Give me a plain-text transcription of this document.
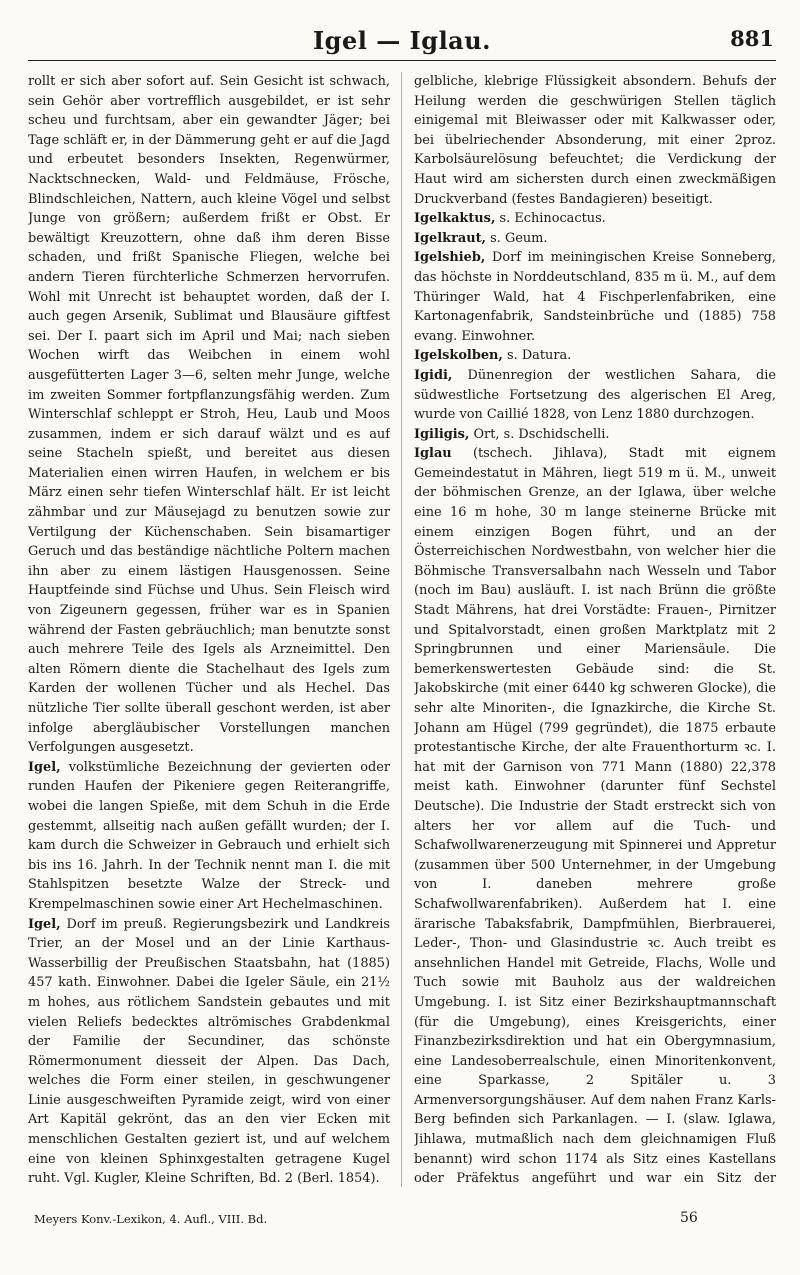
Igel — Iglau.	881

rollt er sich aber sofort auf. Sein Gesicht ist schwach, sein Gehör aber vortrefflich ausgebildet, er ist sehr scheu und furchtsam, aber ein gewandter Jäger; bei Tage schläft er, in der Dämmerung geht er auf die Jagd und erbeutet besonders Insekten, Regenwürmer, Nacktschnecken, Wald- und Feldmäuse, Frösche, Blindschleichen, Nattern, auch kleine Vögel und selbst Junge von größern; außerdem frißt er Obst. Er bewältigt Kreuzottern, ohne daß ihm deren Bisse schaden, und frißt Spanische Fliegen, welche bei andern Tieren fürchterliche Schmerzen hervorrufen. Wohl mit Unrecht ist behauptet worden, daß der I. auch gegen Arsenik, Sublimat und Blausäure giftfest sei. Der I. paart sich im April und Mai; nach sieben Wochen wirft das Weibchen in einem wohl ausgefütterten Lager 3—6, selten mehr Junge, welche im zweiten Sommer fortpflanzungsfähig werden. Zum Winterschlaf schleppt er Stroh, Heu, Laub und Moos zusammen, indem er sich darauf wälzt und es auf seine Stacheln spießt, und bereitet aus diesen Materialien einen wirren Haufen, in welchem er bis März einen sehr tiefen Winterschlaf hält. Er ist leicht zähmbar und zur Mäusejagd zu benutzen sowie zur Vertilgung der Küchenschaben. Sein bisamartiger Geruch und das beständige nächtliche Poltern machen ihn aber zu einem lästigen Hausgenossen. Seine Hauptfeinde sind Füchse und Uhus. Sein Fleisch wird von Zigeunern gegessen, früher war es in Spanien während der Fasten gebräuchlich; man benutzte sonst auch mehrere Teile des Igels als Arzneimittel. Den alten Römern diente die Stachelhaut des Igels zum Karden der wollenen Tücher und als Hechel. Das nützliche Tier sollte überall geschont werden, ist aber infolge abergläubischer Vorstellungen manchen Verfolgungen ausgesetzt.

Igel, volkstümliche Bezeichnung der gevierten oder runden Haufen der Pikeniere gegen Reiterangriffe, wobei die langen Spieße, mit dem Schuh in die Erde gestemmt, allseitig nach außen gefällt wurden; der I. kam durch die Schweizer in Gebrauch und erhielt sich bis ins 16. Jahrh. In der Technik nennt man I. die mit Stahlspitzen besetzte Walze der Streck- und Krempelmaschinen sowie einer Art Hechelmaschinen.

Igel, Dorf im preuß. Regierungsbezirk und Landkreis Trier, an der Mosel und an der Linie Karthaus-Wasserbillig der Preußischen Staatsbahn, hat (1885) 457 kath. Einwohner. Dabei die Igeler Säule, ein 21½ m hohes, aus rötlichem Sandstein gebautes und mit vielen Reliefs bedecktes altrömisches Grabdenkmal der Familie der Secundiner, das schönste Römermonument diesseit der Alpen. Das Dach, welches die Form einer steilen, in geschwungener Linie ausgeschweiften Pyramide zeigt, wird von einer Art Kapitäl gekrönt, das an den vier Ecken mit menschlichen Gestalten geziert ist, und auf welchem eine von kleinen Sphinxgestalten getragene Kugel ruht. Vgl. Kugler, Kleine Schriften, Bd. 2 (Berl. 1854).

gelbliche, klebrige Flüssigkeit absondern. Behufs der Heilung werden die geschwürigen Stellen täglich einigemal mit Bleiwasser oder mit Kalkwasser oder, bei übelriechender Absonderung, mit einer 2proz. Karbolsäurelösung befeuchtet; die Verdickung der Haut wird am sichersten durch einen zweckmäßigen Druckverband (festes Bandagieren) beseitigt.

Igelkaktus, s. Echinocactus.

Igelkraut, s. Geum.

Igelshieb, Dorf im meiningischen Kreise Sonneberg, das höchste in Norddeutschland, 835 m ü. M., auf dem Thüringer Wald, hat 4 Fischperlenfabriken, eine Kartonagenfabrik, Sandsteinbrüche und (1885) 758 evang. Einwohner.

Igelskolben, s. Datura.

Igidi, Dünenregion der westlichen Sahara, die südwestliche Fortsetzung des algerischen El Areg, wurde von Caillié 1828, von Lenz 1880 durchzogen.

Igiligis, Ort, s. Dschidschelli.

Iglau (tschech. Jihlava), Stadt mit eignem Gemeindestatut in Mähren, liegt 519 m ü. M., unweit der böhmischen Grenze, an der Iglawa, über welche eine 16 m hohe, 30 m lange steinerne Brücke mit einem einzigen Bogen führt, und an der Österreichischen Nordwestbahn, von welcher hier die Böhmische Transversalbahn nach Wesseln und Tabor (noch im Bau) ausläuft. I. ist nach Brünn die größte Stadt Mährens, hat drei Vorstädte: Frauen-, Pirnitzer und Spitalvorstadt, einen großen Marktplatz mit 2 Springbrunnen und einer Mariensäule. Die bemerkenswertesten Gebäude sind: die St. Jakobskirche (mit einer 6440 kg schweren Glocke), die sehr alte Minoriten-, die Ignazkirche, die Kirche St. Johann am Hügel (799 gegründet), die 1875 erbaute protestantische Kirche, der alte Frauenthorturm ꝛc. I. hat mit der Garnison von 771 Mann (1880) 22,378 meist kath. Einwohner (darunter fünf Sechstel Deutsche). Die Industrie der Stadt erstreckt sich von alters her vor allem auf die Tuch- und Schafwollwarenerzeugung mit Spinnerei und Appretur (zusammen über 500 Unternehmer, in der Umgebung von I. daneben mehrere große Schafwollwarenfabriken). Außerdem hat I. eine ärarische Tabaksfabrik, Dampfmühlen, Bierbrauerei, Leder-, Thon- und Glasindustrie ꝛc. Auch treibt es ansehnlichen Handel mit Getreide, Flachs, Wolle und Tuch sowie mit Bauholz aus der waldreichen Umgebung. I. ist Sitz einer Bezirkshauptmannschaft (für die Umgebung), eines Kreisgerichts, einer Finanzbezirksdirektion und hat ein Obergymnasium, eine Landesoberrealschule, einen Minoritenkonvent, eine Sparkasse, 2 Spitäler u. 3 Armenversorgungshäuser. Auf dem nahen Franz Karls-Berg befinden sich Parkanlagen. — I. (slaw. Iglawa, Jihlawa, mutmaßlich nach dem gleichnamigen Fluß benannt) wird schon 1174 als Sitz eines Kastellans oder Präfektus angeführt und war ein Sitz der

Meyers Konv.-Lexikon, 4. Aufl., VIII. Bd.	56
